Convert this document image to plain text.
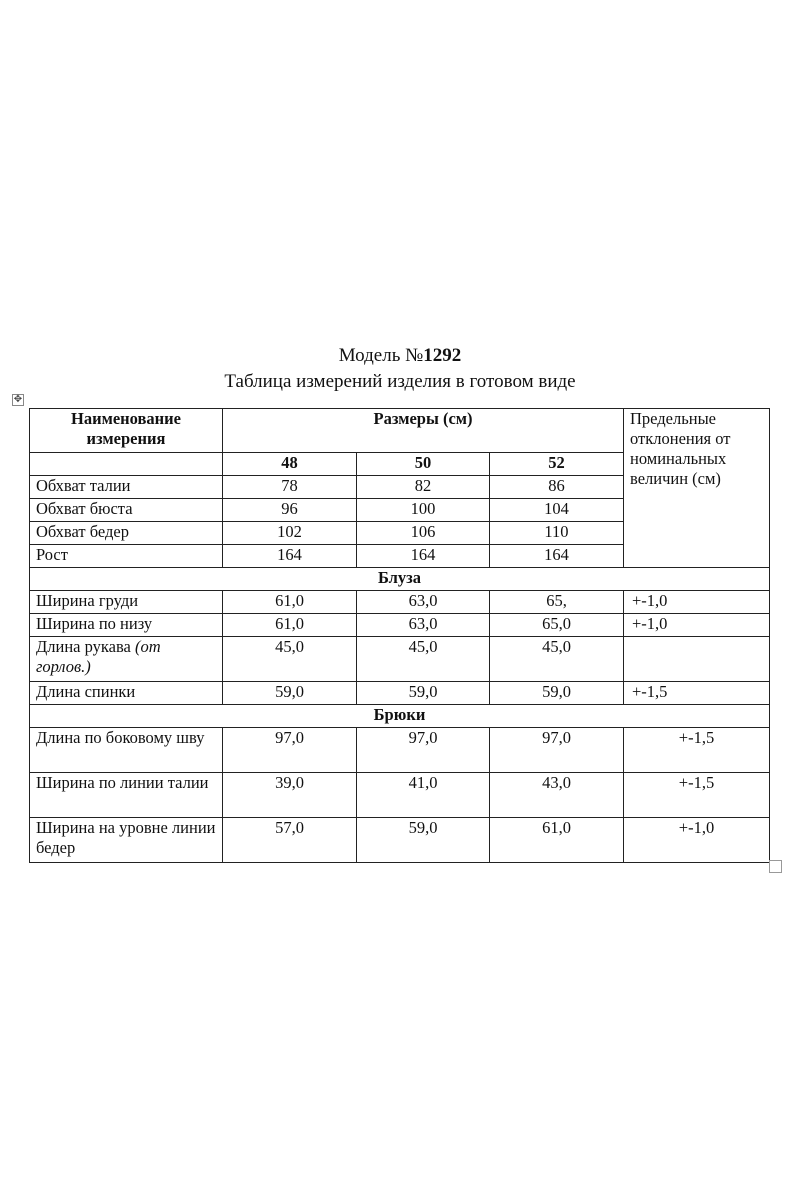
Модель №1292
Таблица измерений изделия в готовом виде
✥
Наименование измерения	Размеры (см)			Предельные отклонения от номинальных величин (см)
	48	50	52	
Обхват талии	78	82	86	
Обхват бюста	96	100	104	
Обхват бедер	102	106	110	
Рост	164	164	164	
Блуза				
Ширина груди	61,0	63,0	65,	+-1,0
Ширина по низу	61,0	63,0	65,0	+-1,0
Длина рукава (от горлов.)	45,0	45,0	45,0	
Длина спинки	59,0	59,0	59,0	+-1,5
Брюки				
Длина по боковому шву	97,0	97,0	97,0	+-1,5
Ширина по линии талии	39,0	41,0	43,0	+-1,5
Ширина на уровне линии бедер	57,0	59,0	61,0	+-1,0
